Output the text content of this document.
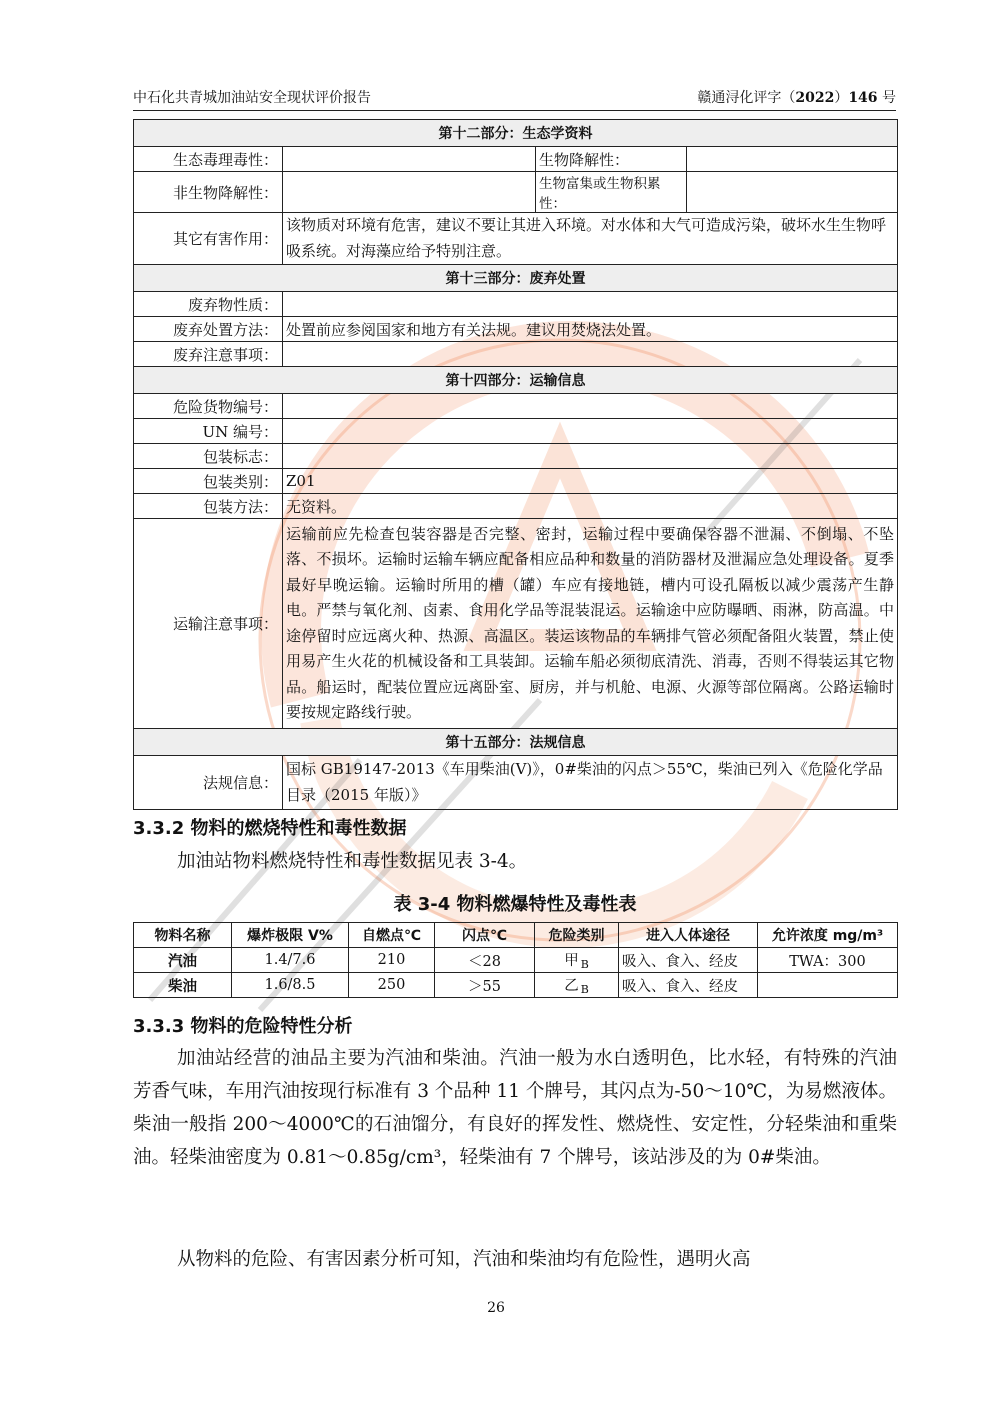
中石化共青城加油站安全现状评价报告	赣通浔化评字（2022）146 号
第十二部分：生态学资料			
生态毒理毒性：		生物降解性：	
非生物降解性：		生物富集或生物积累性：	
其它有害作用：	该物质对环境有危害，建议不要让其进入环境。对水体和大气可造成污染，破坏水生生物呼吸系统。对海藻应给予特别注意。		
第十三部分：废弃处置			
废弃物性质：			
废弃处置方法：	处置前应参阅国家和地方有关法规。建议用焚烧法处置。		
废弃注意事项：			
第十四部分：运输信息			
危险货物编号：			
UN 编号：			
包装标志：			
包装类别：	Z01		
包装方法：	无资料。		
运输注意事项：	运输前应先检查包装容器是否完整、密封，运输过程中要确保容器不泄漏、不倒塌、不坠落、不损坏。运输时运输车辆应配备相应品种和数量的消防器材及泄漏应急处理设备。夏季最好早晚运输。运输时所用的槽（罐）车应有接地链，槽内可设孔隔板以减少震荡产生静电。严禁与氧化剂、卤素、食用化学品等混装混运。运输途中应防曝晒、雨淋，防高温。中途停留时应远离火种、热源、高温区。装运该物品的车辆排气管必须配备阻火装置，禁止使用易产生火花的机械设备和工具装卸。运输车船必须彻底清洗、消毒，否则不得装运其它物品。船运时，配装位置应远离卧室、厨房，并与机舱、电源、火源等部位隔离。公路运输时要按规定路线行驶。		
第十五部分：法规信息			
法规信息：	国标 GB19147-2013《车用柴油(Ⅴ)》，0#柴油的闪点＞55℃，柴油已列入《危险化学品目录（2015 年版）》		
3.3.2 物料的燃烧特性和毒性数据
加油站物料燃烧特性和毒性数据见表 3-4。
表 3-4 物料燃爆特性及毒性表
物料名称	爆炸极限 V%	自燃点℃	闪点℃	危险类别	进入人体途径	允许浓度 mg/m³
汽油	1.4/7.6	210	＜28	甲 $_B$	吸入、食入、经皮	TWA：300
柴油	1.6/8.5	250	＞55	乙 $_B$	吸入、食入、经皮	
3.3.3 物料的危险特性分析
加油站经营的油品主要为汽油和柴油。汽油一般为水白透明色，比水轻，有特殊的汽油芳香气味，车用汽油按现行标准有 3 个品种 11 个牌号，其闪点为-50～10℃，为易燃液体。柴油一般指 200～4000℃的石油馏分，有良好的挥发性、燃烧性、安定性，分轻柴油和重柴油。轻柴油密度为 0.81～0.85g/cm³，轻柴油有 7 个牌号，该站涉及的为 0#柴油。
从物料的危险、有害因素分析可知，汽油和柴油均有危险性，遇明火高
26
